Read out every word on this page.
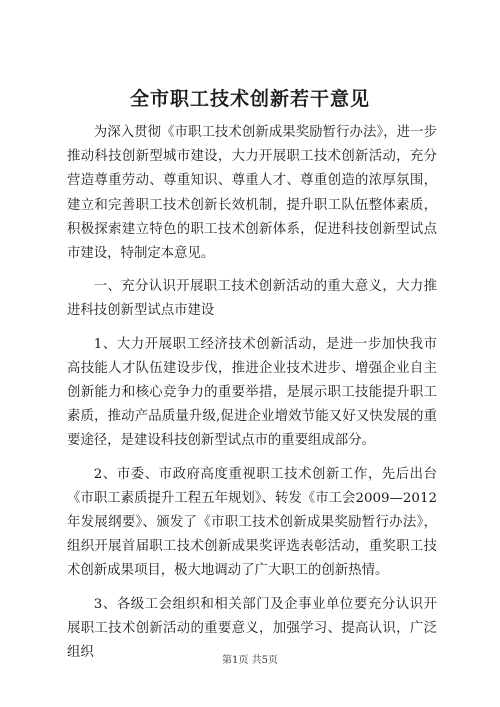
全市职工技术创新若干意见

为深入贯彻《市职工技术创新成果奖励暂行办法》，进一步推动科技创新型城市建设，大力开展职工技术创新活动，充分营造尊重劳动、尊重知识、尊重人才、尊重创造的浓厚氛围，建立和完善职工技术创新长效机制，提升职工队伍整体素质，积极探索建立特色的职工技术创新体系，促进科技创新型试点市建设，特制定本意见。

一、充分认识开展职工技术创新活动的重大意义，大力推进科技创新型试点市建设

1、大力开展职工经济技术创新活动，是进一步加快我市高技能人才队伍建设步伐，推进企业技术进步、增强企业自主创新能力和核心竞争力的重要举措，是展示职工技能提升职工素质，推动产品质量升级,促进企业增效节能又好又快发展的重要途径，是建设科技创新型试点市的重要组成部分。

2、市委、市政府高度重视职工技术创新工作，先后出台《市职工素质提升工程五年规划》、转发《市工会2009—2012年发展纲要》、颁发了《市职工技术创新成果奖励暂行办法》，组织开展首届职工技术创新成果奖评选表彰活动，重奖职工技术创新成果项目，极大地调动了广大职工的创新热情。

3、各级工会组织和相关部门及企事业单位要充分认识开展职工技术创新活动的重要意义，加强学习、提高认识，广泛组织

第1页 共5页
